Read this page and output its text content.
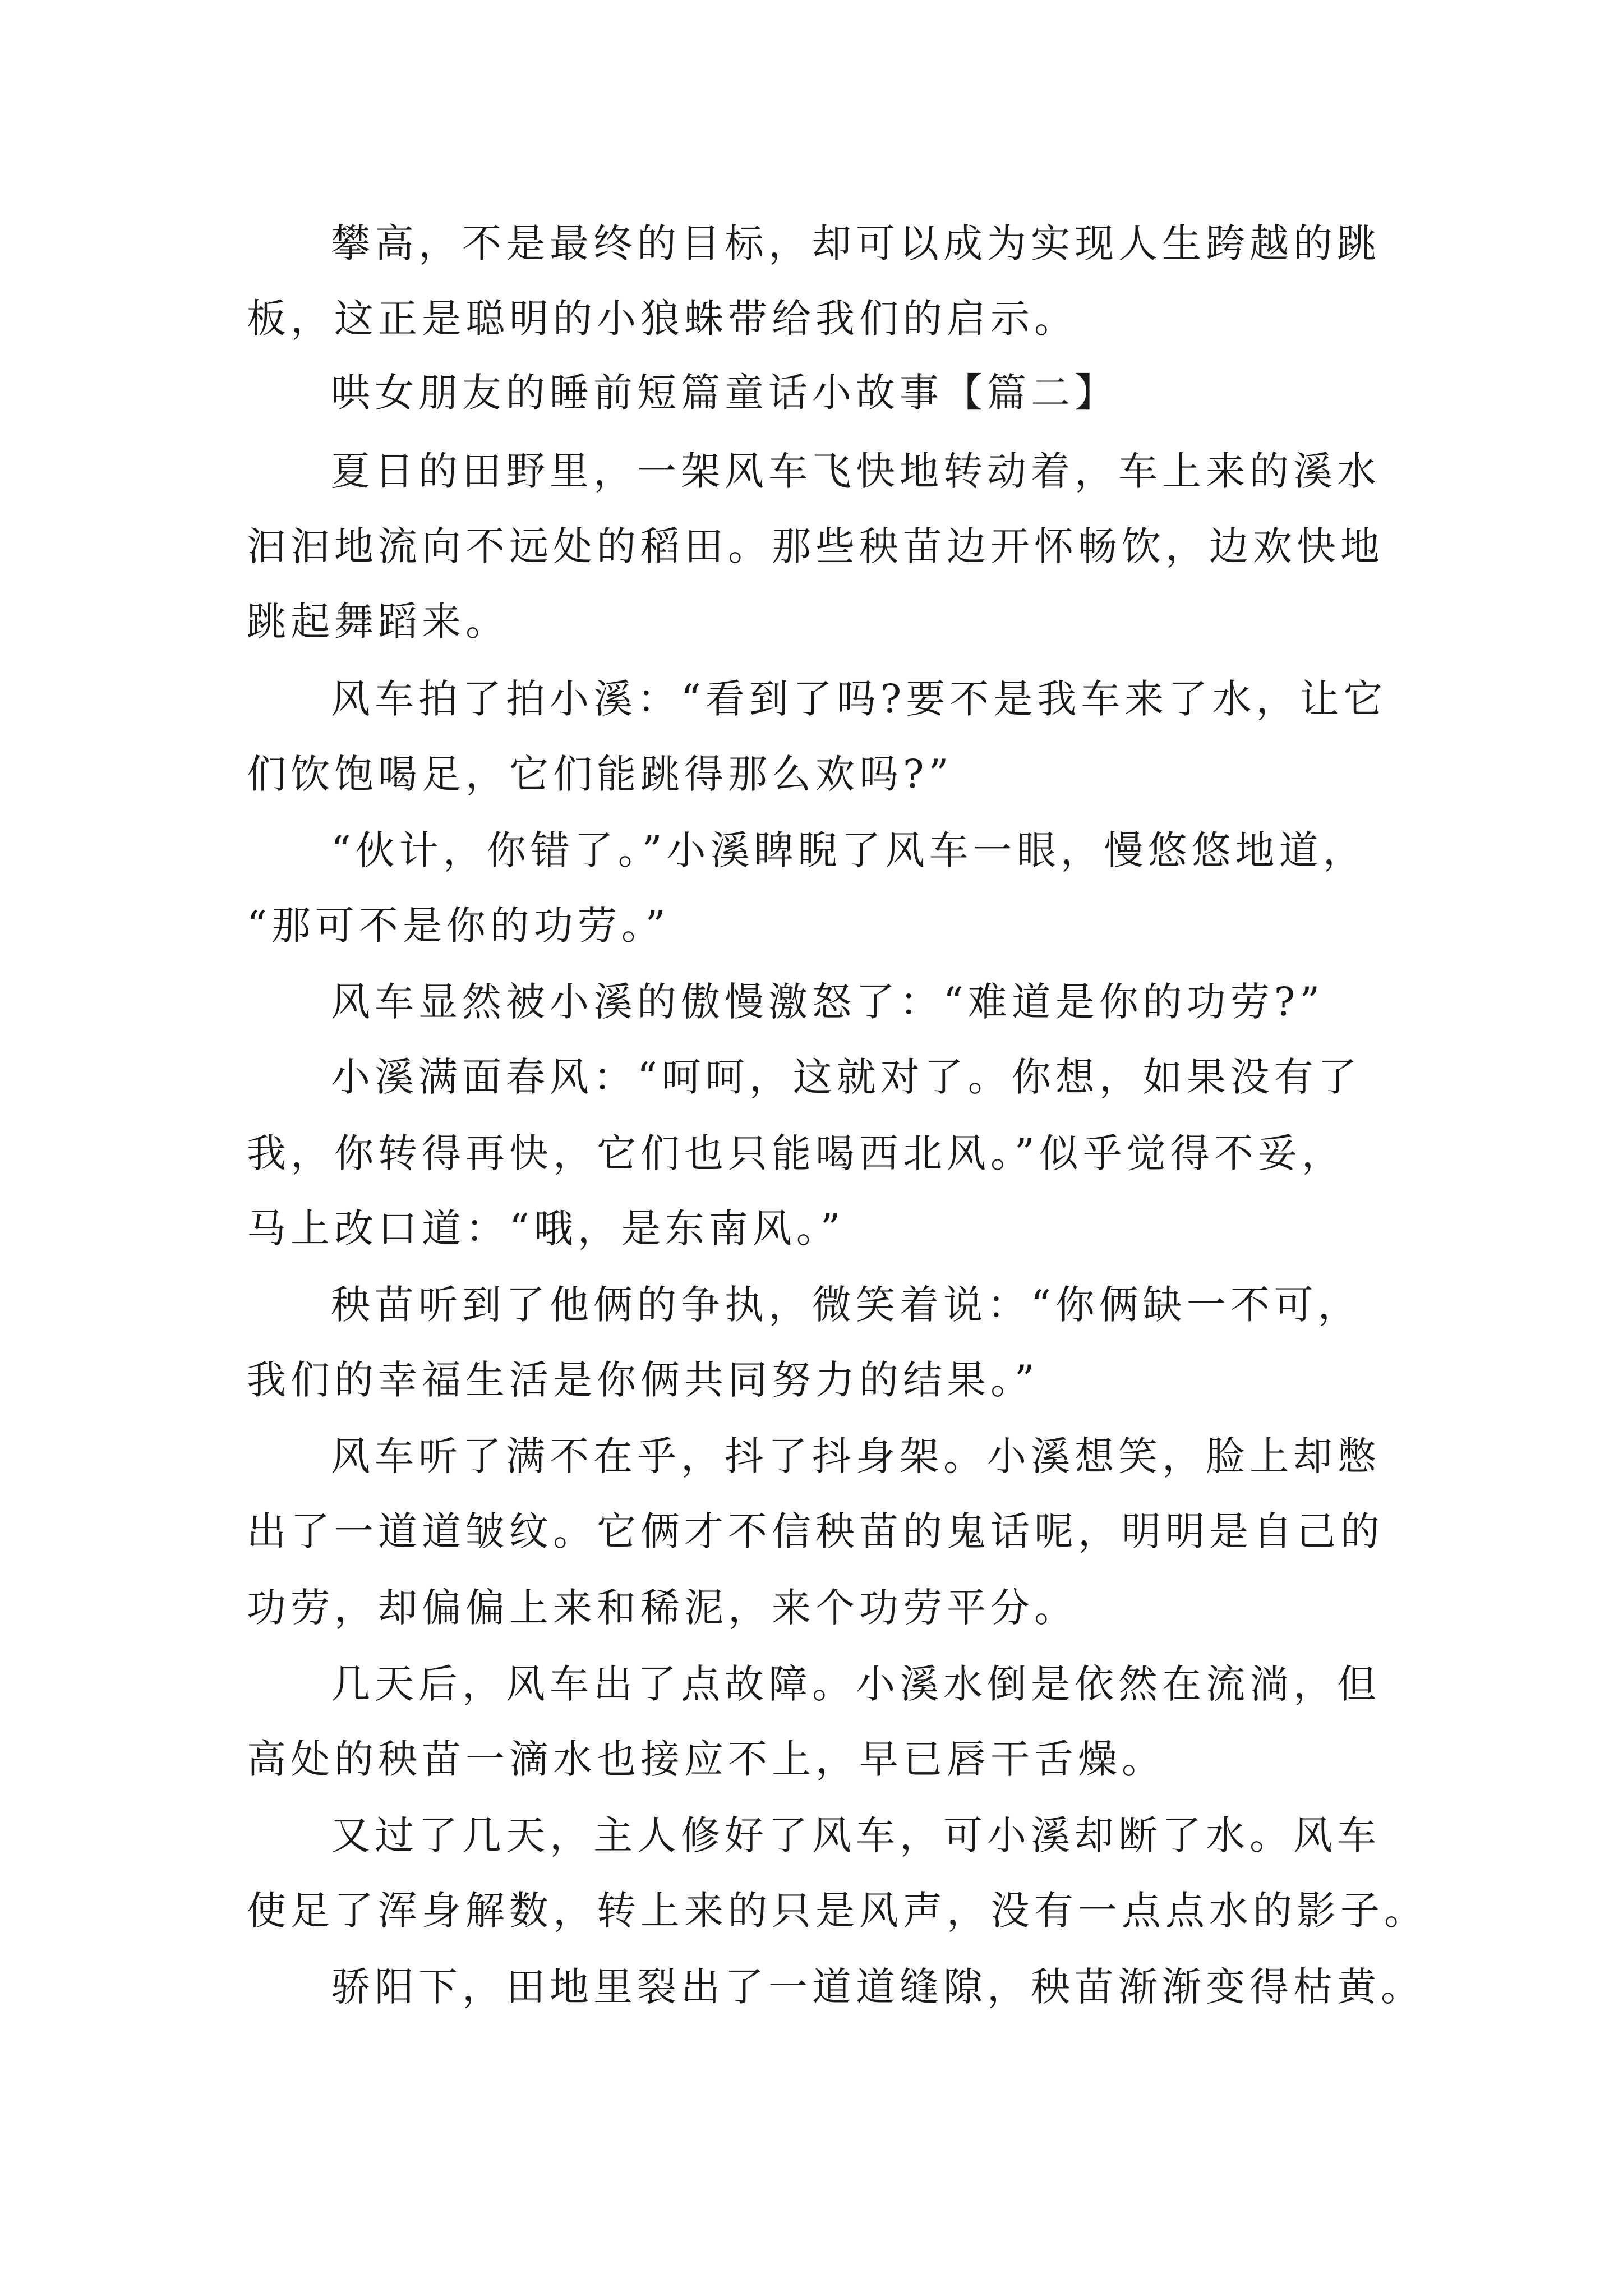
攀高，不是最终的目标，却可以成为实现人生跨越的跳

板，这正是聪明的小狼蛛带给我们的启示。

哄女朋友的睡前短篇童话小故事【篇二】

夏日的田野里，一架风车飞快地转动着，车上来的溪水

汩汩地流向不远处的稻田。那些秧苗边开怀畅饮，边欢快地

跳起舞蹈来。

风车拍了拍小溪：“看到了吗?要不是我车来了水，让它

们饮饱喝足，它们能跳得那么欢吗?”

“伙计，你错了。”小溪睥睨了风车一眼，慢悠悠地道，

“那可不是你的功劳。”

风车显然被小溪的傲慢激怒了：“难道是你的功劳?”

小溪满面春风：“呵呵，这就对了。你想，如果没有了

我，你转得再快，它们也只能喝西北风。”似乎觉得不妥，

马上改口道：“哦，是东南风。”

秧苗听到了他俩的争执，微笑着说：“你俩缺一不可，

我们的幸福生活是你俩共同努力的结果。”

风车听了满不在乎，抖了抖身架。小溪想笑，脸上却憋

出了一道道皱纹。它俩才不信秧苗的鬼话呢，明明是自己的

功劳，却偏偏上来和稀泥，来个功劳平分。

几天后，风车出了点故障。小溪水倒是依然在流淌，但

高处的秧苗一滴水也接应不上，早已唇干舌燥。

又过了几天，主人修好了风车，可小溪却断了水。风车

使足了浑身解数，转上来的只是风声，没有一点点水的影子。

骄阳下，田地里裂出了一道道缝隙，秧苗渐渐变得枯黄。
